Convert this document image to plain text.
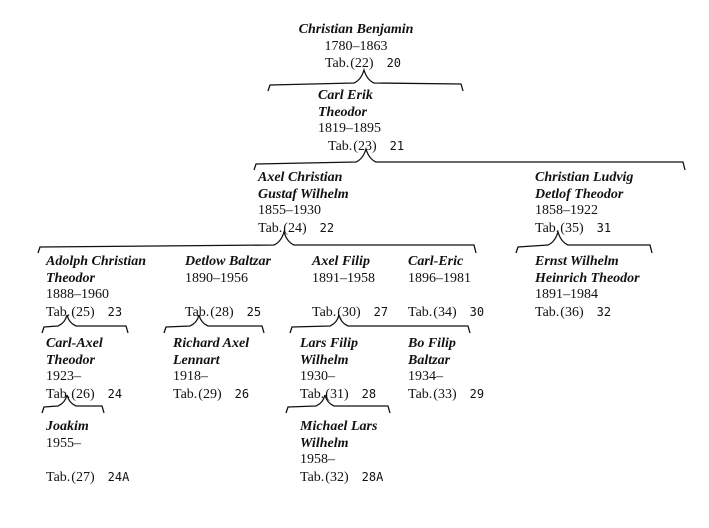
Christian Benjamin
1780–1863
Tab.(22) 20
Carl Erik
Theodor
1819–1895
Tab.(23) 21
Axel Christian
Gustaf Wilhelm
1855–1930
Tab.(24) 22
Christian Ludvig
Detlof Theodor
1858–1922
Tab.(35) 31
Adolph Christian
Theodor
1888–1960
Tab.(25) 23
Detlow Baltzar
1890–1956
Tab.(28) 25
Axel Filip
1891–1958
Tab.(30) 27
Carl-Eric
1896–1981
Tab.(34) 30
Ernst Wilhelm
Heinrich Theodor
1891–1984
Tab.(36) 32
Carl-Axel
Theodor
1923–
Tab.(26) 24
Richard Axel
Lennart
1918–
Tab.(29) 26
Lars Filip
Wilhelm
1930–
Tab.(31) 28
Bo Filip
Baltzar
1934–
Tab.(33) 29
Joakim
1955–
Tab.(27) 24A
Michael Lars
Wilhelm
1958–
Tab.(32) 28A
